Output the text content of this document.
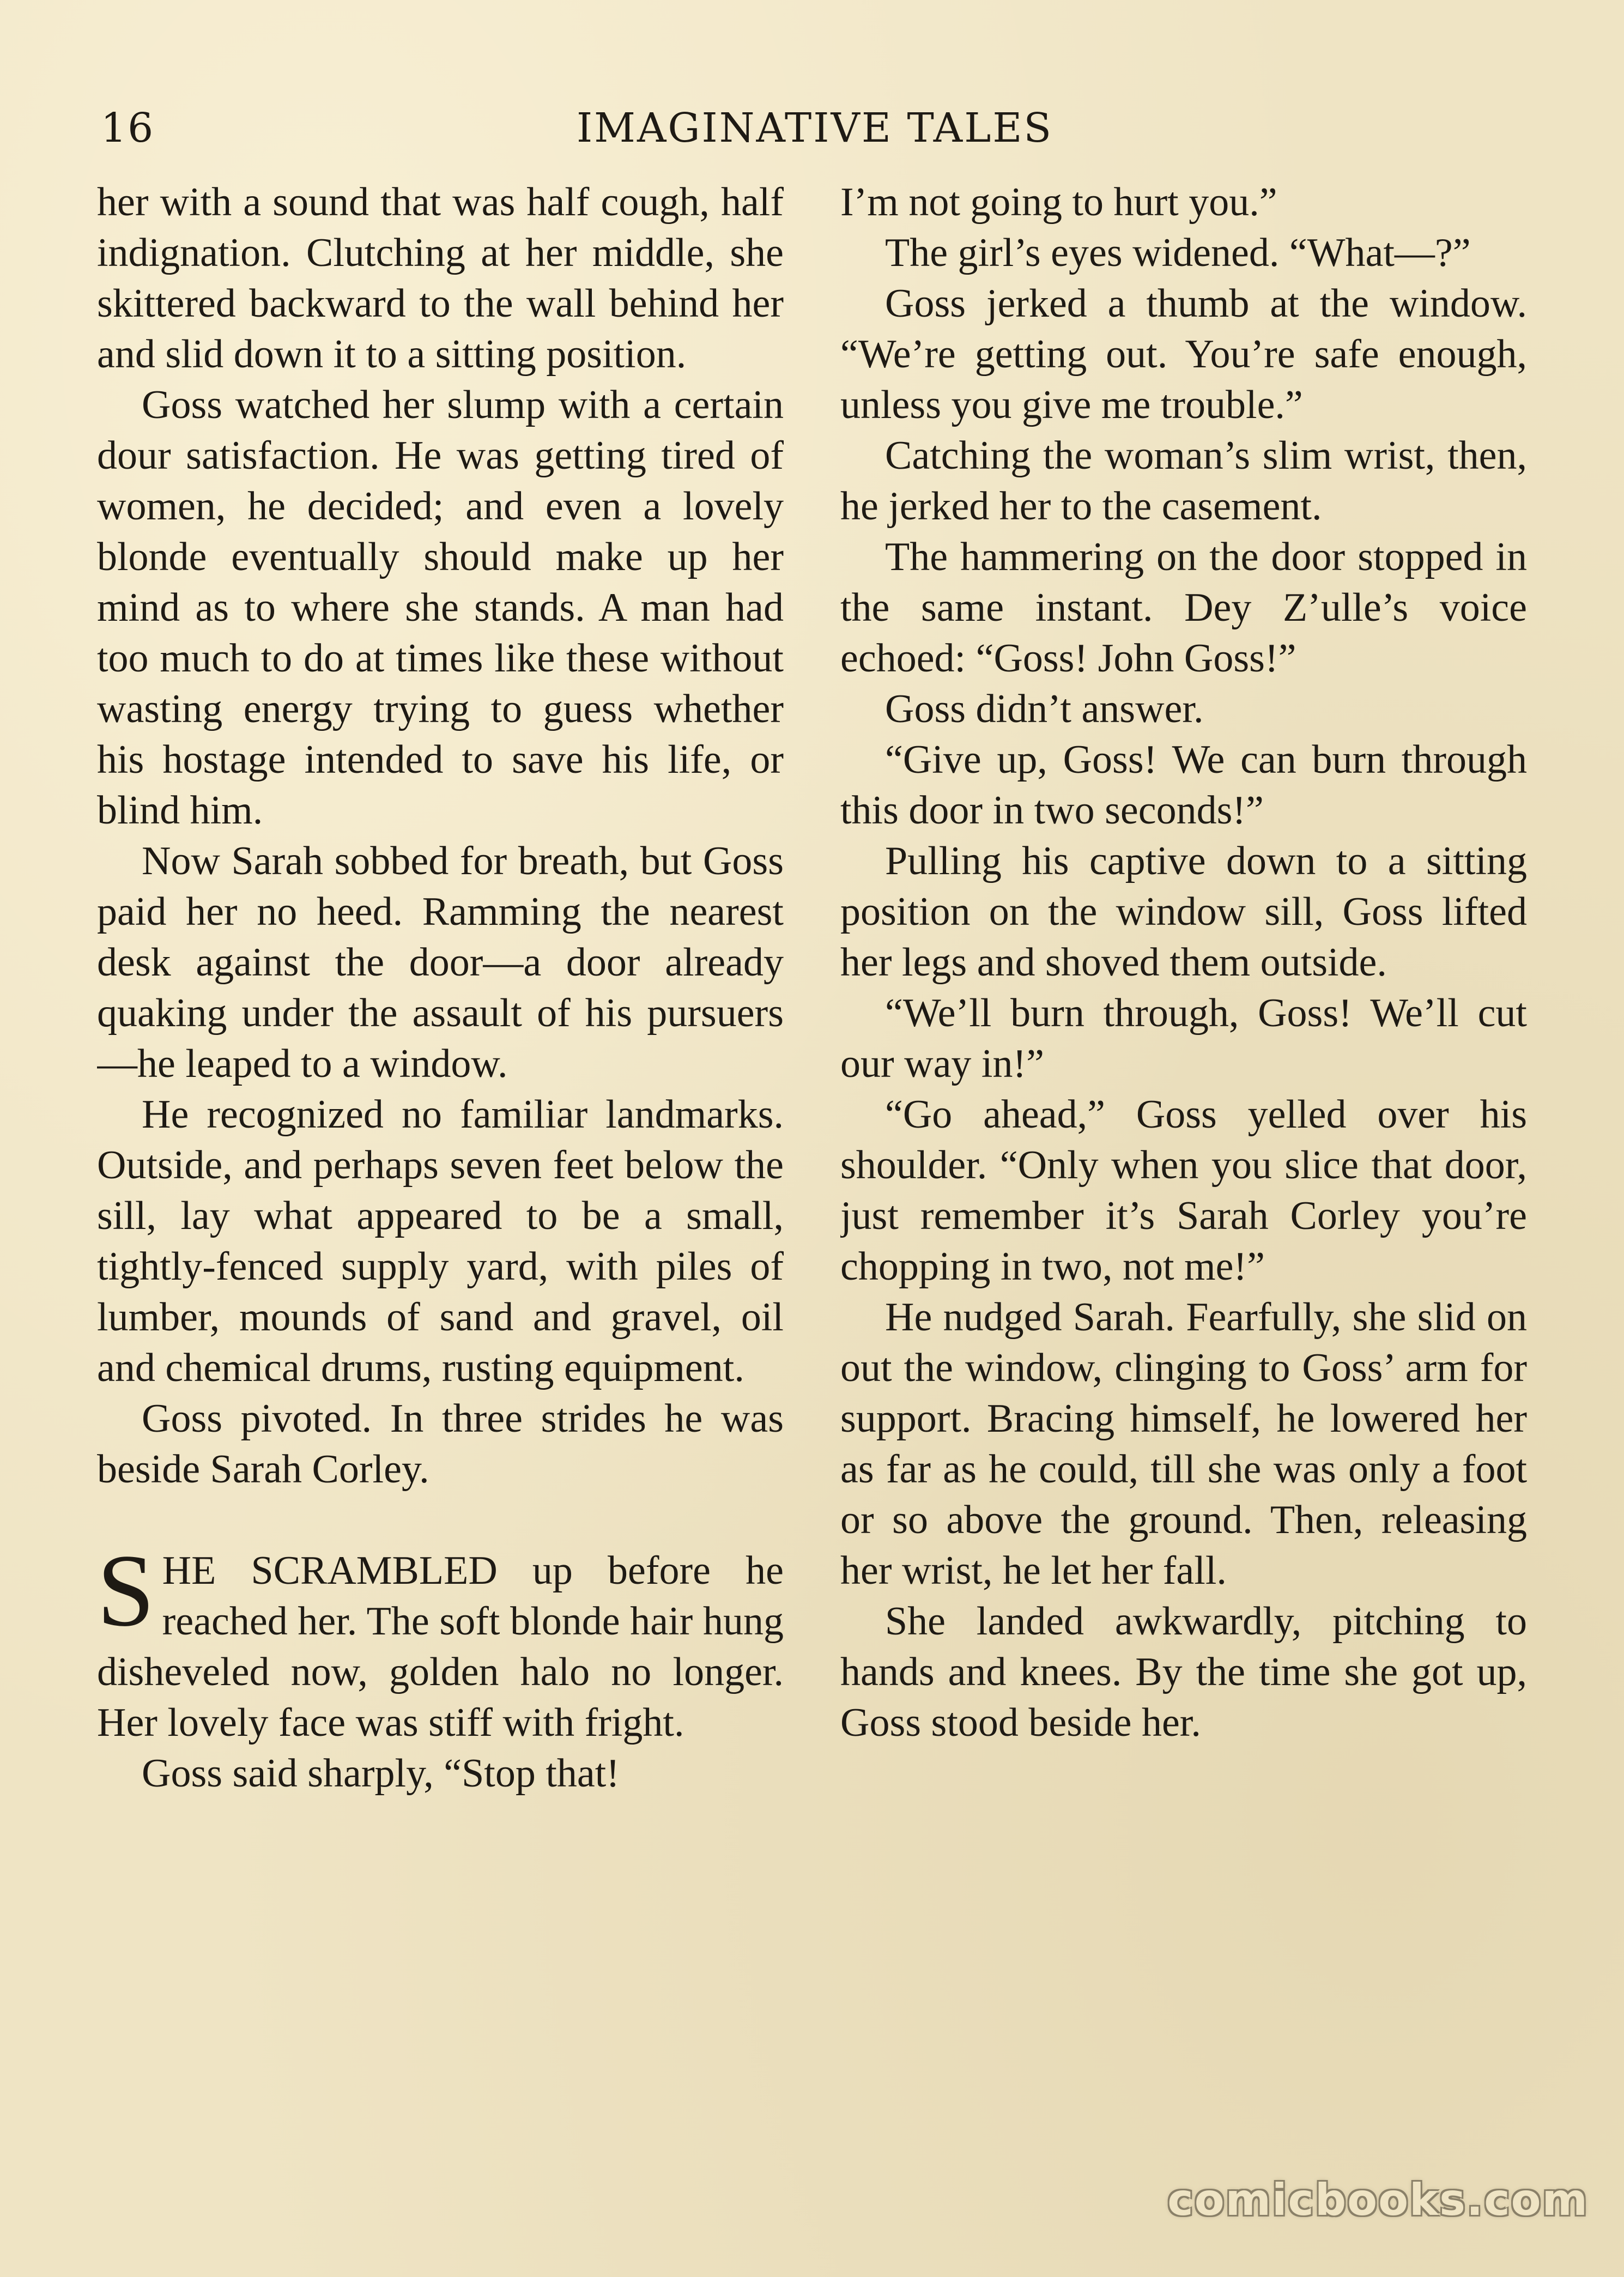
16	IMAGINATIVE TALES

her with a sound that was half cough, half indignation. Clutching at her middle, she skittered backward to the wall behind her and slid down it to a sitting position.

Goss watched her slump with a certain dour satisfaction. He was getting tired of women, he decided; and even a lovely blonde eventually should make up her mind as to where she stands. A man had too much to do at times like these without wasting energy trying to guess whether his hostage intended to save his life, or blind him.

Now Sarah sobbed for breath, but Goss paid her no heed. Ramming the nearest desk against the door—a door already quaking under the assault of his pursuers—he leaped to a window.

He recognized no familiar landmarks. Outside, and perhaps seven feet below the sill, lay what appeared to be a small, tightly-fenced supply yard, with piles of lumber, mounds of sand and gravel, oil and chemical drums, rusting equipment.

Goss pivoted. In three strides he was beside Sarah Corley.

SHE SCRAMBLED up before he reached her. The soft blonde hair hung disheveled now, golden halo no longer. Her lovely face was stiff with fright.

Goss said sharply, “Stop that!

I’m not going to hurt you.”

The girl’s eyes widened. “What—?”

Goss jerked a thumb at the window. “We’re getting out. You’re safe enough, unless you give me trouble.”

Catching the woman’s slim wrist, then, he jerked her to the casement.

The hammering on the door stopped in the same instant. Dey Z’ulle’s voice echoed: “Goss! John Goss!”

Goss didn’t answer.

“Give up, Goss! We can burn through this door in two seconds!”

Pulling his captive down to a sitting position on the window sill, Goss lifted her legs and shoved them outside.

“We’ll burn through, Goss! We’ll cut our way in!”

“Go ahead,” Goss yelled over his shoulder. “Only when you slice that door, just remember it’s Sarah Corley you’re chopping in two, not me!”

He nudged Sarah. Fearfully, she slid on out the window, clinging to Goss’ arm for support. Bracing himself, he lowered her as far as he could, till she was only a foot or so above the ground. Then, releasing her wrist, he let her fall.

She landed awkwardly, pitching to hands and knees. By the time she got up, Goss stood beside her.

comicbooks.com
